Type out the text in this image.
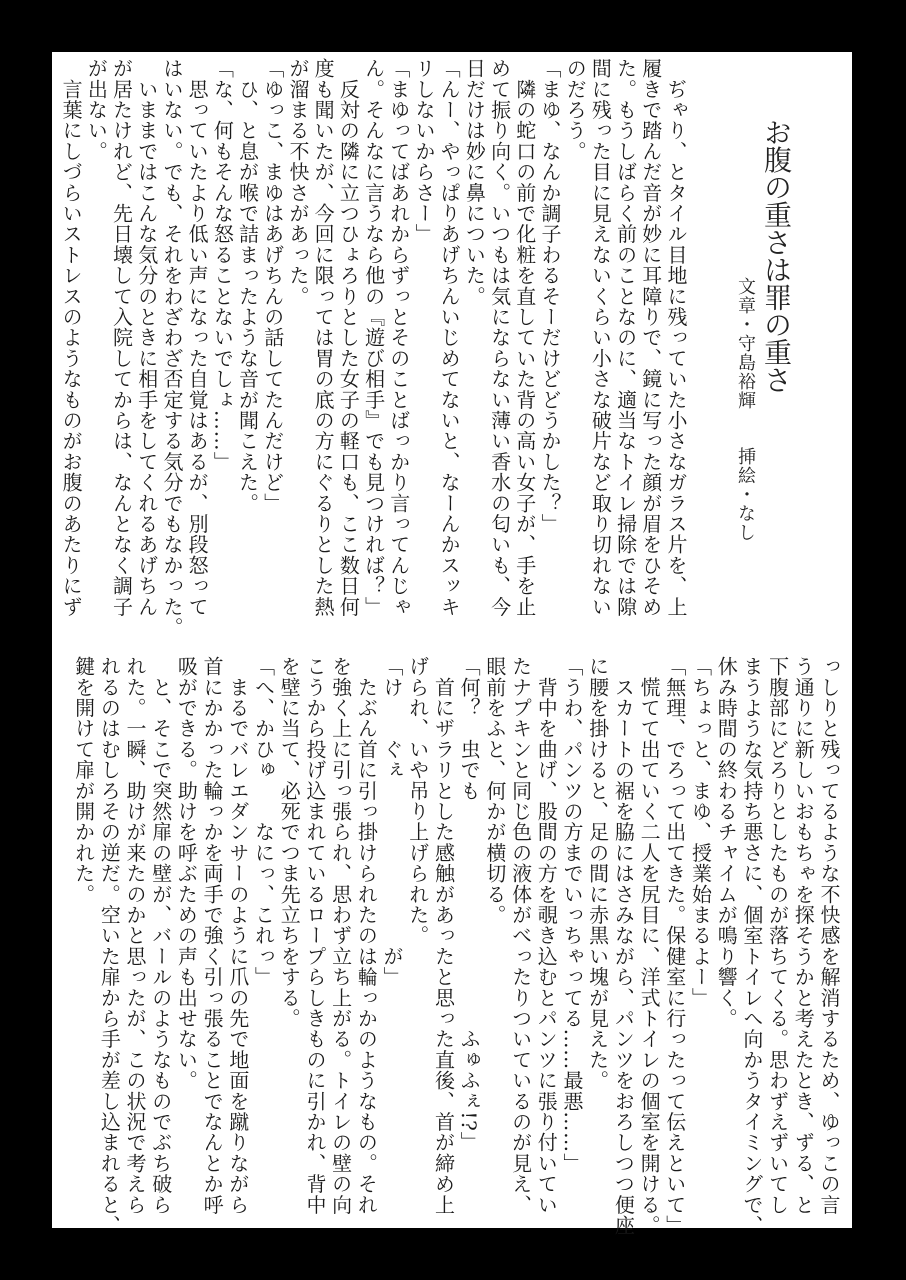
お腹の重さは罪の重さ
文章・守島裕輝
挿絵・なし
　ぢゃり、とタイル目地に残っていた小さなガラス片を、上
履きで踏んだ音が妙に耳障りで、鏡に写った顔が眉をひそめ
た。もうしばらく前のことなのに、適当なトイレ掃除では隙
間に残った目に見えないくらい小さな破片など取り切れない
のだろう。
「まゆ、なんか調子わるそーだけどどうかした？」
　隣の蛇口の前で化粧を直していた背の高い女子が、手を止
めて振り向く。いつもは気にならない薄い香水の匂いも、今
日だけは妙に鼻についた。
「んー、やっぱりあげちんいじめてないと、なーんかスッキ
リしないからさー」
「まゆってばあれからずっとそのことばっかり言ってんじゃ
ん。そんなに言うなら他の『遊び相手』でも見つければ？」
　反対の隣に立つひょろりとした女子の軽口も、ここ数日何
度も聞いたが、今回に限っては胃の底の方にぐるりとした熱
が溜まる不快さがあった。
「ゆっこ、まゆはあげちんの話してたんだけど」
　ひ、と息が喉で詰まったような音が聞こえた。
「な、何もそんな怒ることないでしょ……」
　思っていたより低い声になった自覚はあるが、別段怒って
はいない。でも、それをわざわざ否定する気分でもなかった。
　いままではこんな気分のときに相手をしてくれるあげちん
が居たけれど、先日壊して入院してからは、なんとなく調子
が出ない。
　言葉にしづらいストレスのようなものがお腹のあたりにず
っしりと残ってるような不快感を解消するため、ゆっこの言
う通りに新しいおもちゃを探そうかと考えたとき、ずる、と
下腹部にどろりとしたものが落ちてくる。思わずえずいてし
まうような気持ち悪さに、個室トイレへ向かうタイミングで、
休み時間の終わるチャイムが鳴り響く。
「ちょっと、まゆ、授業始まるよー」
「無理、でろって出てきた。保健室に行ったって伝えといて」
　慌てて出ていく二人を尻目に、洋式トイレの個室を開ける。
　スカートの裾を脇にはさみながら、パンツをおろしつつ便座
に腰を掛けると、足の間に赤黒い塊が見えた。
「うわ、パンツの方までいっちゃってる……最悪……」
　背中を曲げ、股間の方を覗き込むとパンツに張り付いてい
たナプキンと同じ色の液体がべったりついているのが見え、
眼前をふと、何かが横切る。
「何？　虫でも　　　　　　　　　　　ふゅふぇ!?」
　首にザラリとした感触があったと思った直後、首が締め上
げられ、いや吊り上げられた。
「け　　ぐぇ　　　　　　　　が」
　たぶん首に引っ掛けられたのは輪っかのようなもの。それ
を強く上に引っ張られ、思わず立ち上がる。トイレの壁の向
こうから投げ込まれているロープらしきものに引かれ、背中
を壁に当て、必死でつま先立ちをする。
「へ、かひゅ　　なにっ、これっ」
　まるでバレエダンサーのように爪の先で地面を蹴りながら
首にかかった輪っかを両手で強く引っ張ることでなんとか呼
吸ができる。助けを呼ぶための声も出せない。
　と、そこで突然扉の壁が、バールのようなものでぶち破ら
れた。一瞬、助けが来たのかと思ったが、この状況で考えら
れるのはむしろその逆だ。空いた扉から手が差し込まれると、
鍵を開けて扉が開かれた。
